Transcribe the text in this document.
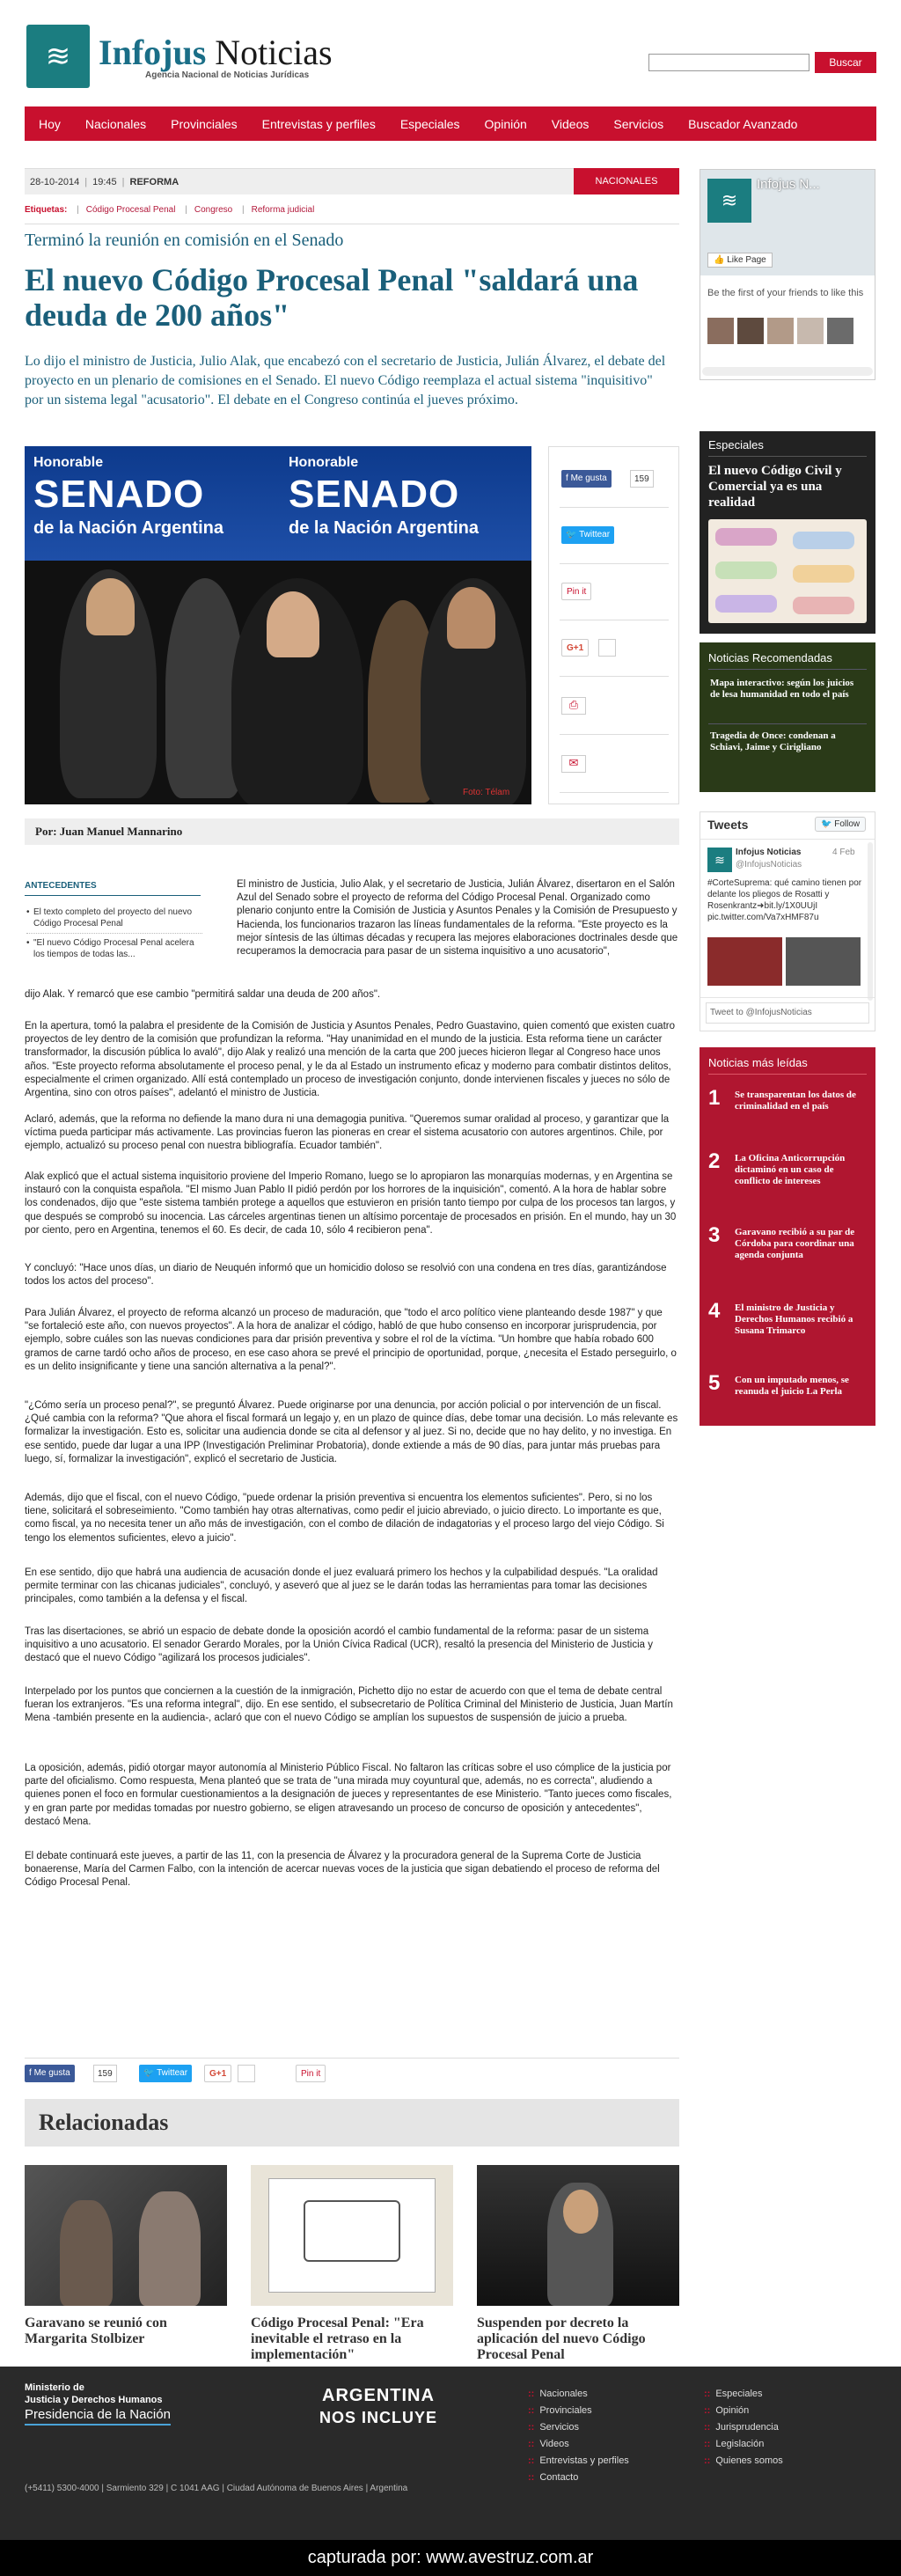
≋ Infojus Noticias
Agencia Nacional de Noticias Jurídicas
Buscar
Hoy Nacionales Provinciales Entrevistas y perfiles Especiales Opinión Videos Servicios Buscador Avanzado
28-10-2014 | 19:45 | REFORMA	NACIONALES
Etiquetas: | Código Procesal Penal | Congreso | Reforma judicial
Terminó la reunión en comisión en el Senado
El nuevo Código Procesal Penal "saldará una deuda de 200 años"
Lo dijo el ministro de Justicia, Julio Alak, que encabezó con el secretario de Justicia, Julián Álvarez, el debate del proyecto en un plenario de comisiones en el Senado. El nuevo Código reemplaza el actual sistema "inquisitivo" por un sistema legal "acusatorio". El debate en el Congreso continúa el jueves próximo.
Honorable
SENADO
de la Nación Argentina
Honorable
SENADO
de la Nación Argentina
Foto: Télam
f Me gusta	159
🐦 Twittear
Pin it
G+1
⎙
✉
Por: Juan Manuel Mannarino
ANTECEDENTES
• El texto completo del proyecto del nuevo Código Procesal Penal
• "El nuevo Código Procesal Penal acelera los tiempos de todas las...
El ministro de Justicia, Julio Alak, y el secretario de Justicia, Julián Álvarez, disertaron en el Salón Azul del Senado sobre el proyecto de reforma del Código Procesal Penal. Organizado como plenario conjunto entre la Comisión de Justicia y Asuntos Penales y la Comisión de Presupuesto y Hacienda, los funcionarios trazaron las líneas fundamentales de la reforma. "Este proyecto es la mejor síntesis de las últimas décadas y recupera las mejores elaboraciones doctrinales desde que recuperamos la democracia para pasar de un sistema inquisitivo a uno acusatorio",
dijo Alak. Y remarcó que ese cambio "permitirá saldar una deuda de 200 años".
En la apertura, tomó la palabra el presidente de la Comisión de Justicia y Asuntos Penales, Pedro Guastavino, quien comentó que existen cuatro proyectos de ley dentro de la comisión que profundizan la reforma. "Hay unanimidad en el mundo de la justicia. Esta reforma tiene un carácter transformador, la discusión pública lo avaló", dijo Alak y realizó una mención de la carta que 200 jueces hicieron llegar al Congreso hace unos años. "Este proyecto reforma absolutamente el proceso penal, y le da al Estado un instrumento eficaz y moderno para combatir distintos delitos, especialmente el crimen organizado. Allí está contemplado un proceso de investigación conjunto, donde intervienen fiscales y jueces no sólo de Argentina, sino con otros países", adelantó el ministro de Justicia.
Aclaró, además, que la reforma no defiende la mano dura ni una demagogia punitiva. "Queremos sumar oralidad al proceso, y garantizar que la víctima pueda participar más activamente. Las provincias fueron las pioneras en crear el sistema acusatorio con autores argentinos. Chile, por ejemplo, actualizó su proceso penal con nuestra bibliografía. Ecuador también".
Alak explicó que el actual sistema inquisitorio proviene del Imperio Romano, luego se lo apropiaron las monarquías modernas, y en Argentina se instauró con la conquista española. "El mismo Juan Pablo II pidió perdón por los horrores de la inquisición", comentó. A la hora de hablar sobre los condenados, dijo que "este sistema también protege a aquellos que estuvieron en prisión tanto tiempo por culpa de los procesos tan largos, y que después se comprobó su inocencia. Las cárceles argentinas tienen un altísimo porcentaje de procesados en prisión. En el mundo, hay un 30 por ciento, pero en Argentina, tenemos el 60. Es decir, de cada 10, sólo 4 recibieron pena".
Y concluyó: "Hace unos días, un diario de Neuquén informó que un homicidio doloso se resolvió con una condena en tres días, garantizándose todos los actos del proceso".
Para Julián Álvarez, el proyecto de reforma alcanzó un proceso de maduración, que "todo el arco político viene planteando desde 1987" y que "se fortaleció este año, con nuevos proyectos". A la hora de analizar el código, habló de que hubo consenso en incorporar jurisprudencia, por ejemplo, sobre cuáles son las nuevas condiciones para dar prisión preventiva y sobre el rol de la víctima. "Un hombre que había robado 600 gramos de carne tardó ocho años de proceso, en ese caso ahora se prevé el principio de oportunidad, porque, ¿necesita el Estado perseguirlo, o es un delito insignificante y tiene una sanción alternativa a la penal?".
"¿Cómo sería un proceso penal?", se preguntó Álvarez. Puede originarse por una denuncia, por acción policial o por intervención de un fiscal. ¿Qué cambia con la reforma? "Que ahora el fiscal formará un legajo y, en un plazo de quince días, debe tomar una decisión. Lo más relevante es formalizar la investigación. Esto es, solicitar una audiencia donde se cita al defensor y al juez. Si no, decide que no hay delito, y no investiga. En ese sentido, puede dar lugar a una IPP (Investigación Preliminar Probatoria), donde extiende a más de 90 días, para juntar más pruebas para luego, sí, formalizar la investigación", explicó el secretario de Justicia.
Además, dijo que el fiscal, con el nuevo Código, "puede ordenar la prisión preventiva si encuentra los elementos suficientes". Pero, si no los tiene, solicitará el sobreseimiento. "Como también hay otras alternativas, como pedir el juicio abreviado, o juicio directo. Lo importante es que, como fiscal, ya no necesita tener un año más de investigación, con el combo de dilación de indagatorias y el proceso largo del viejo Código. Si tengo los elementos suficientes, elevo a juicio".
En ese sentido, dijo que habrá una audiencia de acusación donde el juez evaluará primero los hechos y la culpabilidad después. "La oralidad permite terminar con las chicanas judiciales", concluyó, y aseveró que al juez se le darán todas las herramientas para tomar las decisiones principales, como también a la defensa y el fiscal.
Tras las disertaciones, se abrió un espacio de debate donde la oposición acordó el cambio fundamental de la reforma: pasar de un sistema inquisitivo a uno acusatorio. El senador Gerardo Morales, por la Unión Cívica Radical (UCR), resaltó la presencia del Ministerio de Justicia y destacó que el nuevo Código "agilizará los procesos judiciales".
Interpelado por los puntos que conciernen a la cuestión de la inmigración, Pichetto dijo no estar de acuerdo con que el tema de debate central fueran los extranjeros. "Es una reforma integral", dijo. En ese sentido, el subsecretario de Política Criminal del Ministerio de Justicia, Juan Martín Mena -también presente en la audiencia-, aclaró que con el nuevo Código se amplían los supuestos de suspensión de juicio a prueba.
La oposición, además, pidió otorgar mayor autonomía al Ministerio Público Fiscal. No faltaron las críticas sobre el uso cómplice de la justicia por parte del oficialismo. Como respuesta, Mena planteó que se trata de "una mirada muy coyuntural que, además, no es correcta", aludiendo a quienes ponen el foco en formular cuestionamientos a la designación de jueces y representantes de ese Ministerio. "Tanto jueces como fiscales, y en gran parte por medidas tomadas por nuestro gobierno, se eligen atravesando un proceso de concurso de oposición y antecedentes", destacó Mena.
El debate continuará este jueves, a partir de las 11, con la presencia de Álvarez y la procuradora general de la Suprema Corte de Justicia bonaerense, María del Carmen Falbo, con la intención de acercar nuevas voces de la justicia que sigan debatiendo el proceso de reforma del Código Procesal Penal.
f Me gusta	159	🐦 Twittear	G+1	Pin it
Relacionadas
Garavano se reunió con Margarita Stolbizer
Código Procesal Penal: "Era inevitable el retraso en la implementación"
Suspenden por decreto la aplicación del nuevo Código Procesal Penal
≋
Infojus N...
👍 Like Page
Be the first of your friends to like this
Especiales
El nuevo Código Civil y Comercial ya es una realidad
Noticias Recomendadas
Mapa interactivo: según los juicios de lesa humanidad en todo el país
Tragedia de Once: condenan a Schiavi, Jaime y Cirigliano
Tweets	🐦 Follow
≋
Infojus Noticias
@InfojusNoticias
4 Feb
#CorteSuprema: qué camino tienen por delante los pliegos de Rosatti y Rosenkrantz➜bit.ly/1X0UUjI pic.twitter.com/Va7xHMF87u
Tweet to @InfojusNoticias
Noticias más leídas
1 Se transparentan los datos de criminalidad en el país
2 La Oficina Anticorrupción dictaminó en un caso de conflicto de intereses
3 Garavano recibió a su par de Córdoba para coordinar una agenda conjunta
4 El ministro de Justicia y Derechos Humanos recibió a Susana Trimarco
5 Con un imputado menos, se reanuda el juicio La Perla
Ministerio de
Justicia y Derechos Humanos
Presidencia de la Nación
ARGENTINA
NOS INCLUYE
(+5411) 5300-4000 | Sarmiento 329 | C 1041 AAG | Ciudad Autónoma de Buenos Aires | Argentina
:: Nacionales
:: Provinciales
:: Servicios
:: Videos
:: Entrevistas y perfiles
:: Contacto
:: Especiales
:: Opinión
:: Jurisprudencia
:: Legislación
:: Quienes somos
capturada por: www.avestruz.com.ar
